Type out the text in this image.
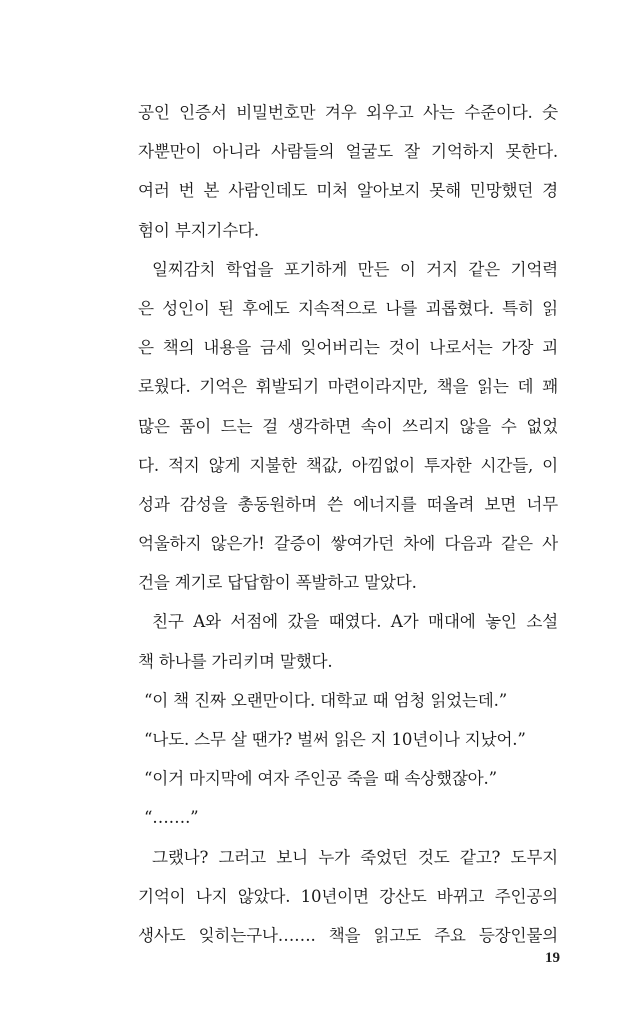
공인 인증서 비밀번호만 겨우 외우고 사는 수준이다. 숫
자뿐만이 아니라 사람들의 얼굴도 잘 기억하지 못한다.
여러 번 본 사람인데도 미처 알아보지 못해 민망했던 경
험이 부지기수다.
일찌감치 학업을 포기하게 만든 이 거지 같은 기억력
은 성인이 된 후에도 지속적으로 나를 괴롭혔다. 특히 읽
은 책의 내용을 금세 잊어버리는 것이 나로서는 가장 괴
로웠다. 기억은 휘발되기 마련이라지만, 책을 읽는 데 꽤
많은 품이 드는 걸 생각하면 속이 쓰리지 않을 수 없었
다. 적지 않게 지불한 책값, 아낌없이 투자한 시간들, 이
성과 감성을 총동원하며 쓴 에너지를 떠올려 보면 너무
억울하지 않은가! 갈증이 쌓여가던 차에 다음과 같은 사
건을 계기로 답답함이 폭발하고 말았다.
친구 A와 서점에 갔을 때였다. A가 매대에 놓인 소설
책 하나를 가리키며 말했다.
“이 책 진짜 오랜만이다. 대학교 때 엄청 읽었는데.”
“나도. 스무 살 땐가? 벌써 읽은 지 10년이나 지났어.”
“이거 마지막에 여자 주인공 죽을 때 속상했잖아.”
“…….”
그랬나? 그러고 보니 누가 죽었던 것도 같고? 도무지
기억이 나지 않았다. 10년이면 강산도 바뀌고 주인공의
생사도 잊히는구나……. 책을 읽고도 주요 등장인물의
19
